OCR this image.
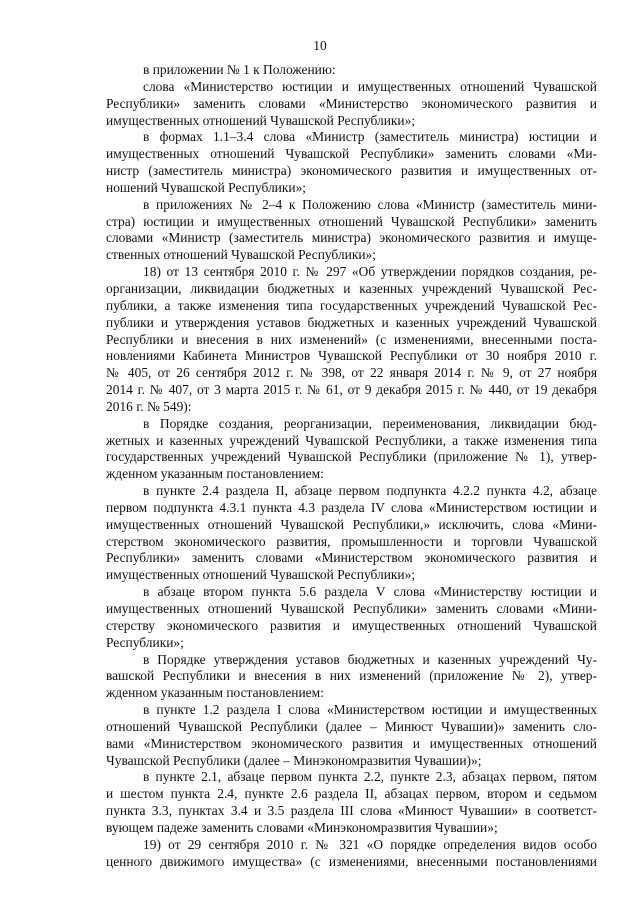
10
в приложении № 1 к Положению:
слова «Министерство юстиции и имущественных отношений Чувашской
Республики» заменить словами «Министерство экономического развития и
имущественных отношений Чувашской Республики»;
в формах 1.1–3.4 слова «Министр (заместитель министра) юстиции и
имущественных отношений Чувашской Республики» заменить словами «Ми-
нистр (заместитель министра) экономического развития и имущественных от-
ношений Чувашской Республики»;
в приложениях № 2–4 к Положению слова «Министр (заместитель мини-
стра) юстиции и имущественных отношений Чувашской Республики» заменить
словами «Министр (заместитель министра) экономического развития и имуще-
ственных отношений Чувашской Республики»;
18) от 13 сентября 2010 г. № 297 «Об утверждении порядков создания, ре-
организации, ликвидации бюджетных и казенных учреждений Чувашской Рес-
публики, а также изменения типа государственных учреждений Чувашской Рес-
публики и утверждения уставов бюджетных и казенных учреждений Чувашской
Республики и внесения в них изменений» (с изменениями, внесенными поста-
новлениями Кабинета Министров Чувашской Республики от 30 ноября 2010 г.
№ 405, от 26 сентября 2012 г. № 398, от 22 января 2014 г. № 9, от 27 ноября
2014 г. № 407, от 3 марта 2015 г. № 61, от 9 декабря 2015 г. № 440, от 19 декабря
2016 г. № 549):
в Порядке создания, реорганизации, переименования, ликвидации бюд-
жетных и казенных учреждений Чувашской Республики, а также изменения типа
государственных учреждений Чувашской Республики (приложение № 1), утвер-
жденном указанным постановлением:
в пункте 2.4 раздела II, абзаце первом подпункта 4.2.2 пункта 4.2, абзаце
первом подпункта 4.3.1 пункта 4.3 раздела IV слова «Министерством юстиции и
имущественных отношений Чувашской Республики,» исключить, слова «Мини-
стерством экономического развития, промышленности и торговли Чувашской
Республики» заменить словами «Министерством экономического развития и
имущественных отношений Чувашской Республики»;
в абзаце втором пункта 5.6 раздела V слова «Министерству юстиции и
имущественных отношений Чувашской Республики» заменить словами «Мини-
стерству экономического развития и имущественных отношений Чувашской
Республики»;
в Порядке утверждения уставов бюджетных и казенных учреждений Чу-
вашской Республики и внесения в них изменений (приложение № 2), утвер-
жденном указанным постановлением:
в пункте 1.2 раздела I слова «Министерством юстиции и имущественных
отношений Чувашской Республики (далее – Минюст Чувашии)» заменить сло-
вами «Министерством экономического развития и имущественных отношений
Чувашской Республики (далее – Минэкономразвития Чувашии)»;
в пункте 2.1, абзаце первом пункта 2.2, пункте 2.3, абзацах первом, пятом
и шестом пункта 2.4, пункте 2.6 раздела II, абзацах первом, втором и седьмом
пункта 3.3, пунктах 3.4 и 3.5 раздела III слова «Минюст Чувашии» в соответст-
вующем падеже заменить словами «Минэкономразвития Чувашии»;
19) от 29 сентября 2010 г. № 321 «О порядке определения видов особо
ценного движимого имущества» (с изменениями, внесенными постановлениями
